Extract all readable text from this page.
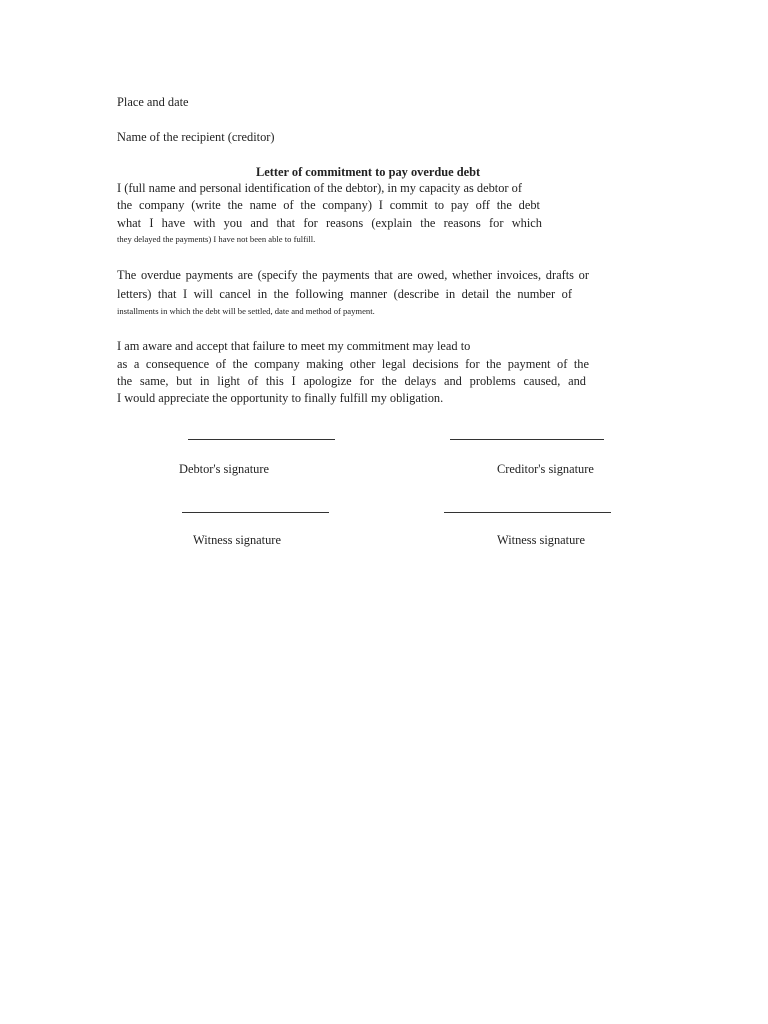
Place and date
Name of the recipient (creditor)
Letter of commitment to pay overdue debt
I (full name and personal identification of the debtor), in my capacity as debtor of
the company (write the name of the company) I commit to pay off the debt
what I have with you and that for reasons (explain the reasons for which
they delayed the payments) I have not been able to fulfill.
The overdue payments are (specify the payments that are owed, whether invoices, drafts or
letters) that I will cancel in the following manner (describe in detail the number of
installments in which the debt will be settled, date and method of payment.
I am aware and accept that failure to meet my commitment may lead to
as a consequence of the company making other legal decisions for the payment of the
the same, but in light of this I apologize for the delays and problems caused, and
I would appreciate the opportunity to finally fulfill my obligation.
Debtor's signature	Creditor's signature
Witness signature	Witness signature
